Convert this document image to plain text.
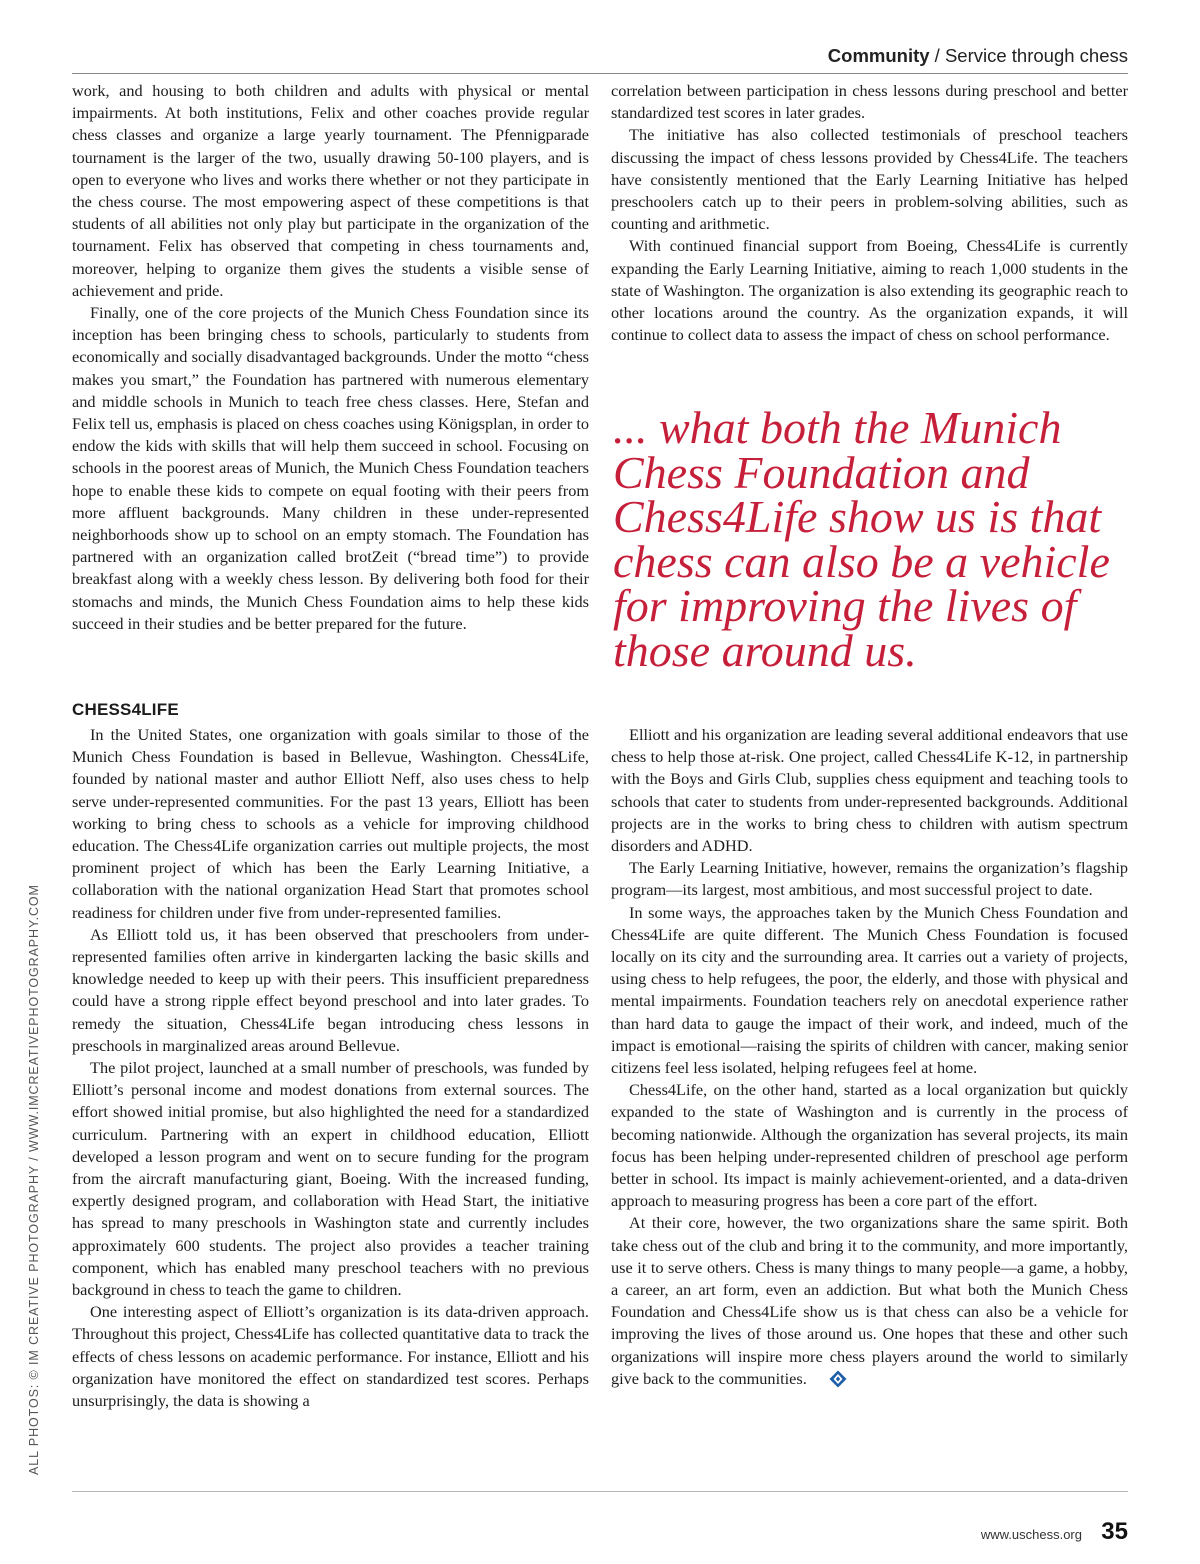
Community / Service through chess

work, and housing to both children and adults with physical or mental impairments. At both institutions, Felix and other coaches provide regular chess classes and organize a large yearly tournament. The Pfennigparade tournament is the larger of the two, usually drawing 50-100 players, and is open to everyone who lives and works there whether or not they participate in the chess course. The most empowering aspect of these competitions is that students of all abilities not only play but participate in the organization of the tournament. Felix has observed that competing in chess tournaments and, moreover, helping to organize them gives the students a visible sense of achievement and pride.

Finally, one of the core projects of the Munich Chess Foundation since its inception has been bringing chess to schools, particularly to students from economically and socially disadvantaged backgrounds. Under the motto “chess makes you smart,” the Foundation has partnered with numerous elementary and middle schools in Munich to teach free chess classes. Here, Stefan and Felix tell us, emphasis is placed on chess coaches using Königsplan, in order to endow the kids with skills that will help them succeed in school. Focusing on schools in the poorest areas of Munich, the Munich Chess Foundation teachers hope to enable these kids to compete on equal footing with their peers from more affluent backgrounds. Many children in these under-represented neighborhoods show up to school on an empty stomach. The Foundation has partnered with an organization called brotZeit (“bread time”) to provide breakfast along with a weekly chess lesson. By delivering both food for their stomachs and minds, the Munich Chess Foundation aims to help these kids succeed in their studies and be better prepared for the future.

correlation between participation in chess lessons during preschool and better standardized test scores in later grades.

The initiative has also collected testimonials of preschool teachers discussing the impact of chess lessons provided by Chess4Life. The teachers have consistently mentioned that the Early Learning Initiative has helped preschoolers catch up to their peers in problem-solving abilities, such as counting and arithmetic.

With continued financial support from Boeing, Chess4Life is currently expanding the Early Learning Initiative, aiming to reach 1,000 students in the state of Washington. The organization is also extending its geographic reach to other locations around the country. As the organization expands, it will continue to collect data to assess the impact of chess on school performance.

... what both the Munich Chess Foundation and Chess4Life show us is that chess can also be a vehicle for improving the lives of those around us.
CHESS4LIFE

In the United States, one organization with goals similar to those of the Munich Chess Foundation is based in Bellevue, Washington. Chess4Life, founded by national master and author Elliott Neff, also uses chess to help serve under-represented communities. For the past 13 years, Elliott has been working to bring chess to schools as a vehicle for improving childhood education. The Chess4Life organization carries out multiple projects, the most prominent project of which has been the Early Learning Initiative, a collaboration with the national organization Head Start that promotes school readiness for children under five from under-represented families.

As Elliott told us, it has been observed that preschoolers from under-represented families often arrive in kindergarten lacking the basic skills and knowledge needed to keep up with their peers. This insufficient preparedness could have a strong ripple effect beyond preschool and into later grades. To remedy the situation, Chess4Life began introducing chess lessons in preschools in marginalized areas around Bellevue.

The pilot project, launched at a small number of preschools, was funded by Elliott’s personal income and modest donations from external sources. The effort showed initial promise, but also highlighted the need for a standardized curriculum. Partnering with an expert in childhood education, Elliott developed a lesson program and went on to secure funding for the program from the aircraft manufacturing giant, Boeing. With the increased funding, expertly designed program, and collaboration with Head Start, the initiative has spread to many preschools in Washington state and currently includes approximately 600 students. The project also provides a teacher training component, which has enabled many preschool teachers with no previous background in chess to teach the game to children.

One interesting aspect of Elliott’s organization is its data-driven approach. Throughout this project, Chess4Life has collected quantitative data to track the effects of chess lessons on academic performance. For instance, Elliott and his organization have monitored the effect on standardized test scores. Perhaps unsurprisingly, the data is showing a

Elliott and his organization are leading several additional endeavors that use chess to help those at-risk. One project, called Chess4Life K-12, in partnership with the Boys and Girls Club, supplies chess equipment and teaching tools to schools that cater to students from under-represented backgrounds. Additional projects are in the works to bring chess to children with autism spectrum disorders and ADHD.

The Early Learning Initiative, however, remains the organization’s flagship program—its largest, most ambitious, and most successful project to date.

In some ways, the approaches taken by the Munich Chess Foundation and Chess4Life are quite different. The Munich Chess Foundation is focused locally on its city and the surrounding area. It carries out a variety of projects, using chess to help refugees, the poor, the elderly, and those with physical and mental impairments. Foundation teachers rely on anecdotal experience rather than hard data to gauge the impact of their work, and indeed, much of the impact is emotional—raising the spirits of children with cancer, making senior citizens feel less isolated, helping refugees feel at home.

Chess4Life, on the other hand, started as a local organization but quickly expanded to the state of Washington and is currently in the process of becoming nationwide. Although the organization has several projects, its main focus has been helping under-represented children of preschool age perform better in school. Its impact is mainly achievement-oriented, and a data-driven approach to measuring progress has been a core part of the effort.

At their core, however, the two organizations share the same spirit. Both take chess out of the club and bring it to the community, and more importantly, use it to serve others. Chess is many things to many people—a game, a hobby, a career, an art form, even an addiction. But what both the Munich Chess Foundation and Chess4Life show us is that chess can also be a vehicle for improving the lives of those around us. One hopes that these and other such organizations will inspire more chess players around the world to similarly give back to the communities.

ALL PHOTOS: © IM CREATIVE PHOTOGRAPHY / WWW.IMCREATIVEPHOTOGRAPHY.COM
www.uschess.org 35
